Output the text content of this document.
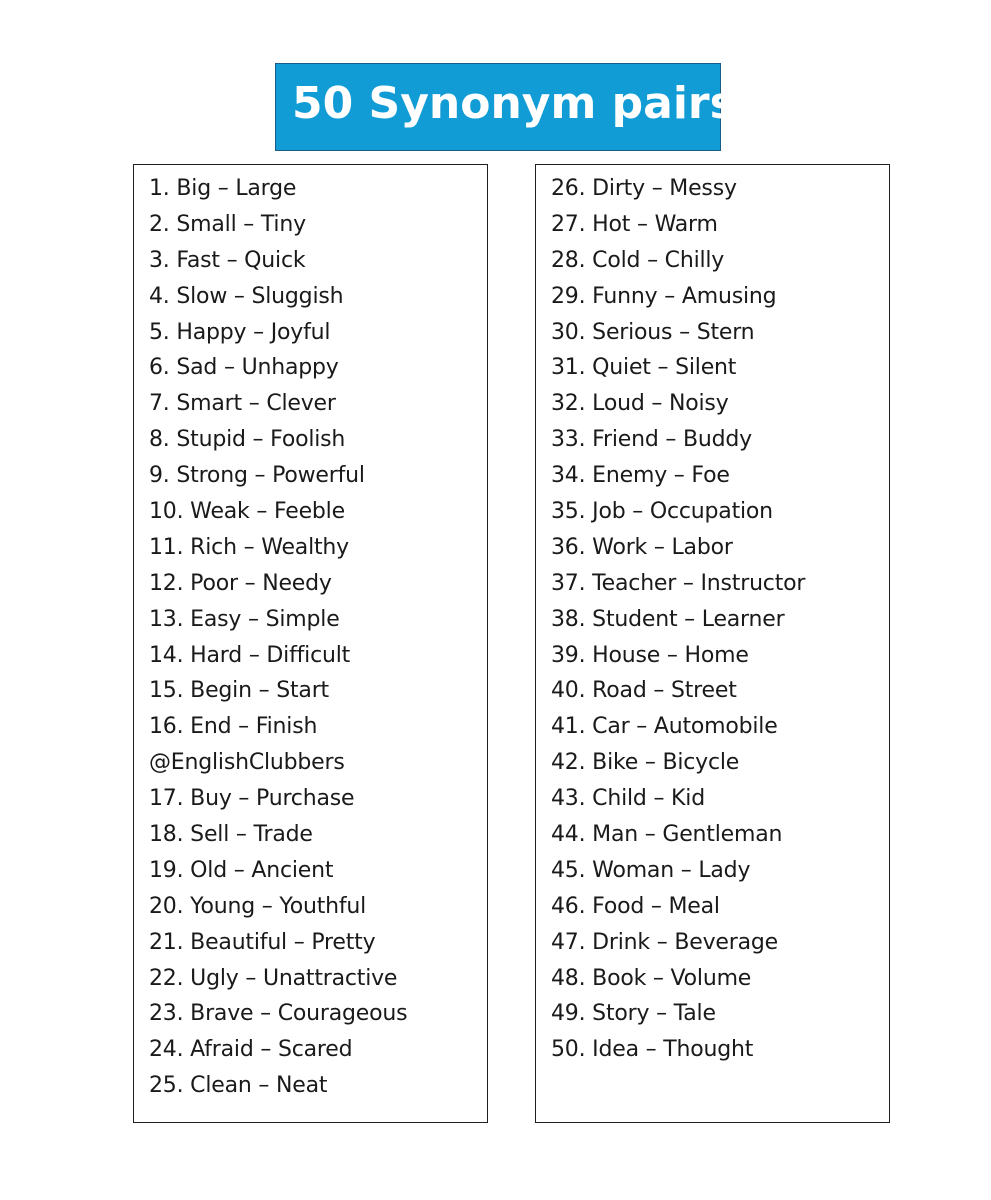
50 Synonym pairs
1. Big – Large
2. Small – Tiny
3. Fast – Quick
4. Slow – Sluggish
5. Happy – Joyful
6. Sad – Unhappy
7. Smart – Clever
8. Stupid – Foolish
9. Strong – Powerful
10. Weak – Feeble
11. Rich – Wealthy
12. Poor – Needy
13. Easy – Simple
14. Hard – Difficult
15. Begin – Start
16. End – Finish
@EnglishClubbers
17. Buy – Purchase
18. Sell – Trade
19. Old – Ancient
20. Young – Youthful
21. Beautiful – Pretty
22. Ugly – Unattractive
23. Brave – Courageous
24. Afraid – Scared
25. Clean – Neat
26. Dirty – Messy
27. Hot – Warm
28. Cold – Chilly
29. Funny – Amusing
30. Serious – Stern
31. Quiet – Silent
32. Loud – Noisy
33. Friend – Buddy
34. Enemy – Foe
35. Job – Occupation
36. Work – Labor
37. Teacher – Instructor
38. Student – Learner
39. House – Home
40. Road – Street
41. Car – Automobile
42. Bike – Bicycle
43. Child – Kid
44. Man – Gentleman
45. Woman – Lady
46. Food – Meal
47. Drink – Beverage
48. Book – Volume
49. Story – Tale
50. Idea – Thought
